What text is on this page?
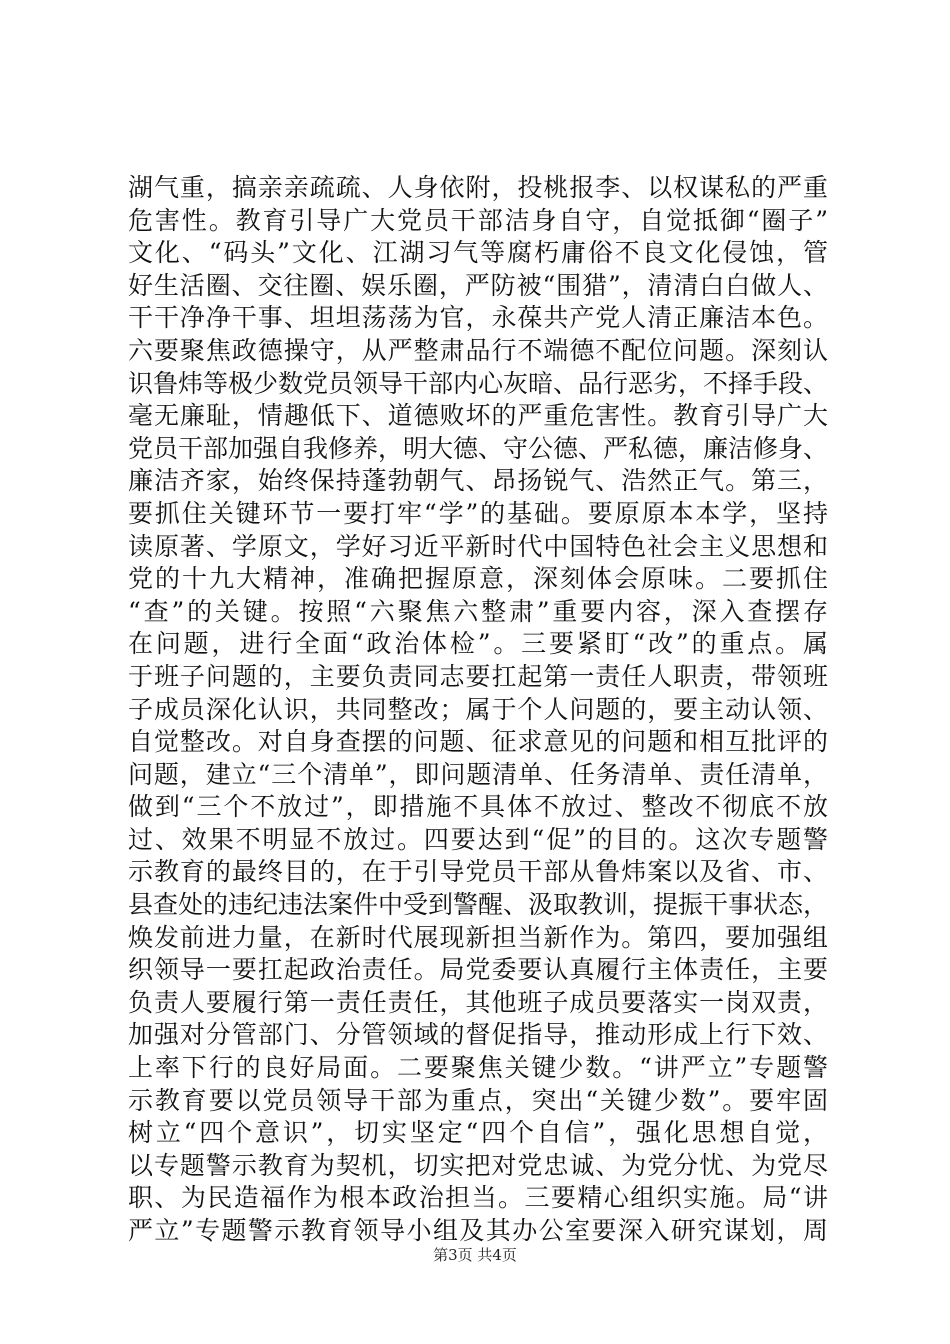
湖气重，搞亲亲疏疏、人身依附，投桃报李、以权谋私的严重
危害性。教育引导广大党员干部洁身自守，自觉抵御“圈子”
文化、“码头”文化、江湖习气等腐朽庸俗不良文化侵蚀，管
好生活圈、交往圈、娱乐圈，严防被“围猎”，清清白白做人、
干干净净干事、坦坦荡荡为官，永葆共产党人清正廉洁本色。
六要聚焦政德操守，从严整肃品行不端德不配位问题。深刻认
识鲁炜等极少数党员领导干部内心灰暗、品行恶劣，不择手段、
毫无廉耻，情趣低下、道德败坏的严重危害性。教育引导广大
党员干部加强自我修养，明大德、守公德、严私德，廉洁修身、
廉洁齐家，始终保持蓬勃朝气、昂扬锐气、浩然正气。第三，
要抓住关键环节一要打牢“学”的基础。要原原本本学，坚持
读原著、学原文，学好习近平新时代中国特色社会主义思想和
党的十九大精神，准确把握原意，深刻体会原味。二要抓住
“查”的关键。按照“六聚焦六整肃”重要内容，深入查摆存
在问题，进行全面“政治体检”。三要紧盯“改”的重点。属
于班子问题的，主要负责同志要扛起第一责任人职责，带领班
子成员深化认识，共同整改；属于个人问题的，要主动认领、
自觉整改。对自身查摆的问题、征求意见的问题和相互批评的
问题，建立“三个清单”，即问题清单、任务清单、责任清单，
做到“三个不放过”，即措施不具体不放过、整改不彻底不放
过、效果不明显不放过。四要达到“促”的目的。这次专题警
示教育的最终目的，在于引导党员干部从鲁炜案以及省、市、
县查处的违纪违法案件中受到警醒、汲取教训，提振干事状态，
焕发前进力量，在新时代展现新担当新作为。第四，要加强组
织领导一要扛起政治责任。局党委要认真履行主体责任，主要
负责人要履行第一责任责任，其他班子成员要落实一岗双责，
加强对分管部门、分管领域的督促指导，推动形成上行下效、
上率下行的良好局面。二要聚焦关键少数。“讲严立”专题警
示教育要以党员领导干部为重点，突出“关键少数”。要牢固
树立“四个意识”，切实坚定“四个自信”，强化思想自觉，
以专题警示教育为契机，切实把对党忠诚、为党分忧、为党尽
职、为民造福作为根本政治担当。三要精心组织实施。局“讲
严立”专题警示教育领导小组及其办公室要深入研究谋划，周
第3页 共4页
